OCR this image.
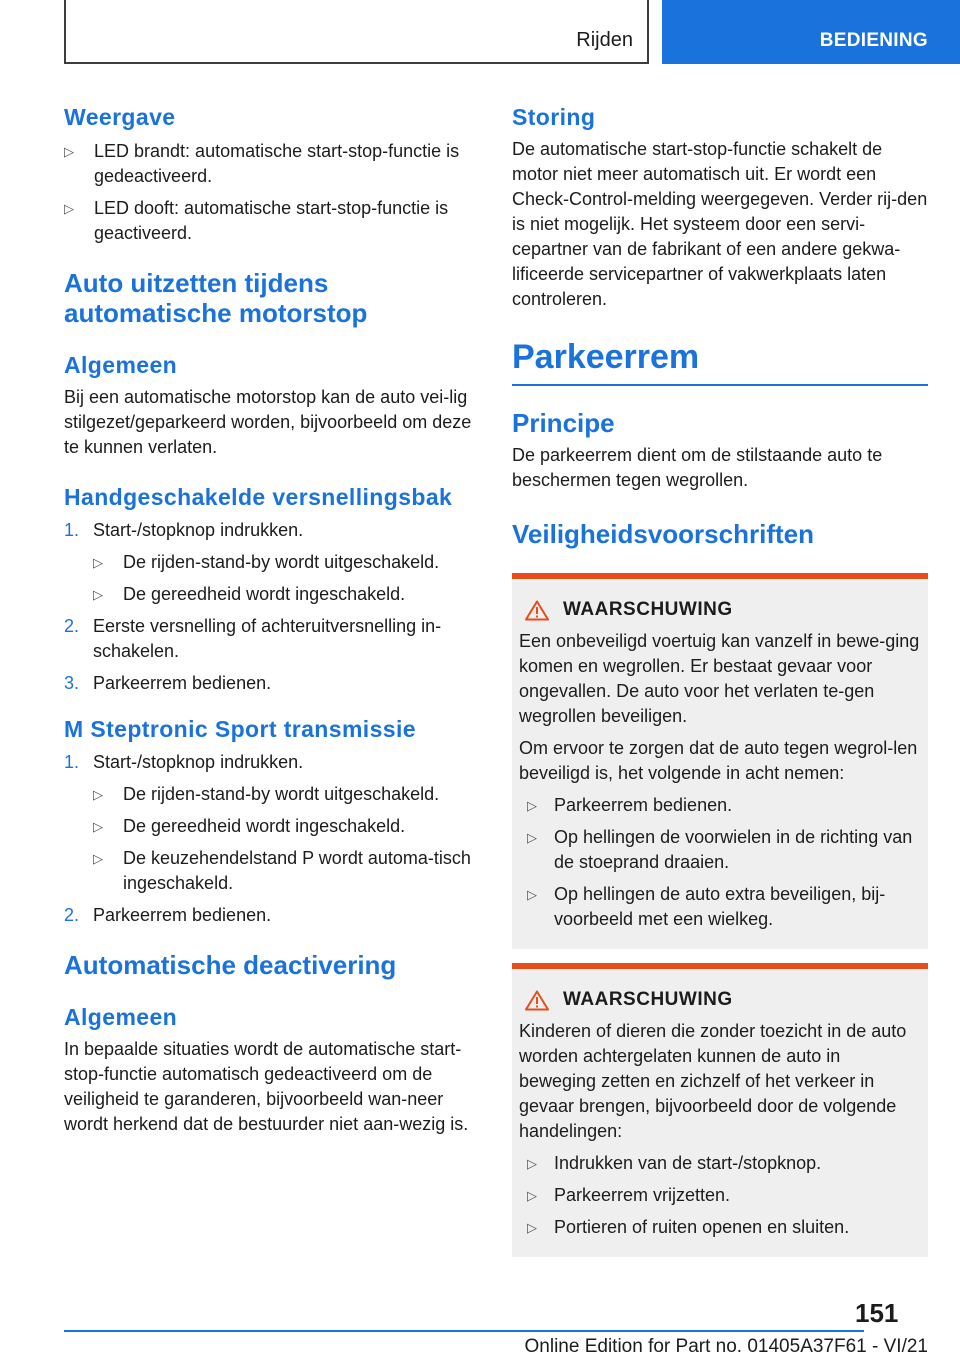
Rijden	BEDIENING
Weergave
▷	LED brandt: automatische start-stop-functie is gedeactiveerd.
▷	LED dooft: automatische start-stop-functie is geactiveerd.
Auto uitzetten tijdens automatische motorstop
Algemeen

Bij een automatische motorstop kan de auto vei-lig stilgezet/geparkeerd worden, bijvoorbeeld om deze te kunnen verlaten.

Handgeschakelde versnellingsbak
1. Start-/stopknop indrukken.
▷	De rijden-stand-by wordt uitgeschakeld.
▷	De gereedheid wordt ingeschakeld.
2. Eerste versnelling of achteruitversnelling in-schakelen.
3. Parkeerrem bedienen.
M Steptronic Sport transmissie
1. Start-/stopknop indrukken.
▷	De rijden-stand-by wordt uitgeschakeld.
▷	De gereedheid wordt ingeschakeld.
▷	De keuzehendelstand P wordt automa-tisch ingeschakeld.
2. Parkeerrem bedienen.
Automatische deactivering
Algemeen

In bepaalde situaties wordt de automatische start-stop-functie automatisch gedeactiveerd om de veiligheid te garanderen, bijvoorbeeld wan-neer wordt herkend dat de bestuurder niet aan-wezig is.

Storing

De automatische start-stop-functie schakelt de motor niet meer automatisch uit. Er wordt een Check-Control-melding weergegeven. Verder rij-den is niet mogelijk. Het systeem door een servi-cepartner van de fabrikant of een andere gekwa-lificeerde servicepartner of vakwerkplaats laten controleren.

Parkeerrem
Principe

De parkeerrem dient om de stilstaande auto te beschermen tegen wegrollen.

Veiligheidsvoorschriften
WAARSCHUWING

Een onbeveiligd voertuig kan vanzelf in bewe-ging komen en wegrollen. Er bestaat gevaar voor ongevallen. De auto voor het verlaten te-gen wegrollen beveiligen.

Om ervoor te zorgen dat de auto tegen wegrol-len beveiligd is, het volgende in acht nemen:

▷ Parkeerrem bedienen.
▷ Op hellingen de voorwielen in de richting van de stoeprand draaien.
▷ Op hellingen de auto extra beveiligen, bij-voorbeeld met een wielkeg.
WAARSCHUWING

Kinderen of dieren die zonder toezicht in de auto worden achtergelaten kunnen de auto in beweging zetten en zichzelf of het verkeer in gevaar brengen, bijvoorbeeld door de volgende handelingen:

▷ Indrukken van de start-/stopknop.
▷ Parkeerrem vrijzetten.
▷ Portieren of ruiten openen en sluiten.
151
Online Edition for Part no. 01405A37F61 - VI/21
